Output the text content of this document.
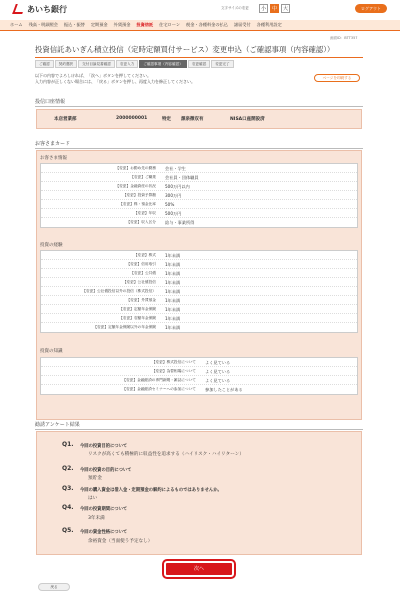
あいち銀行	文字サイズの変更	小	中	大	ログアウト
ホーム 残高・明細照会 振込・振替 定期預金 外貨預金 投資信託 住宅ローン 税金・各種料金の払込 諸届受付 各種利用設定
画面ID：BTT357
投資信託あいぎん積立投信（定時定額買付サービス）変更申込（ご確認事項（内容確認））
ご確認	契約選択	交付目論見書確認	変更入力	ご確認事項（内容確認）	変更確認	変更完了
以下の内容でよろしければ、「次へ」ボタンを押してください。
入力内容が正しくない場合には、「戻る」ボタンを押し、再度入力を修正してください。
ページを印刷する
投信口座情報
本店営業部	2000000001	特定 源泉徴収有	NISA口座開設済
お客さまカード
お客さま情報
【変更】お勤め先の勤務 会社・学生
【変更】ご職業 会社員・団体職員
【変更】金融資産の状況 500万円以内
【変更】投資予算額 300万円
【変更】株・預金比率 50%
【変更】年収 500万円
【変更】収入区分 給与・事業所得
投資の経験
【変更】株式 1年未満
【変更】信用取引 1年未満
【変更】公共債 1年未満
【変更】公社債投信 1年未満
【変更】公社債投信以外の投信（株式投信） 1年未満
【変更】外貨預金 1年未満
【変更】定額年金保険 1年未満
【変更】変額年金保険 1年未満
【変更】定額年金保険以外の年金保険 1年未満
投資の知識
【変更】株式投信について よく見ている
【変更】為替相場について よく見ている
【変更】金融経済の専門新聞・雑誌について よく見ている
【変更】金融経済セミナーへの参加について 参加したことがある
勧誘アンケート結果
Q1. 今回の投資目的について
リスクが高くても積極的に収益性を追求する（ハイリスク・ハイリターン）
Q2. 今回の投資の目的について
預貯金
Q3. 今回の購入資金は借入金・定期預金の解約によるものではありませんか。
はい
Q4. 今回の投資期間について
3年未満
Q5. 今回の資金性格について
余裕資金（当面使う予定なし）
次へ
戻る
